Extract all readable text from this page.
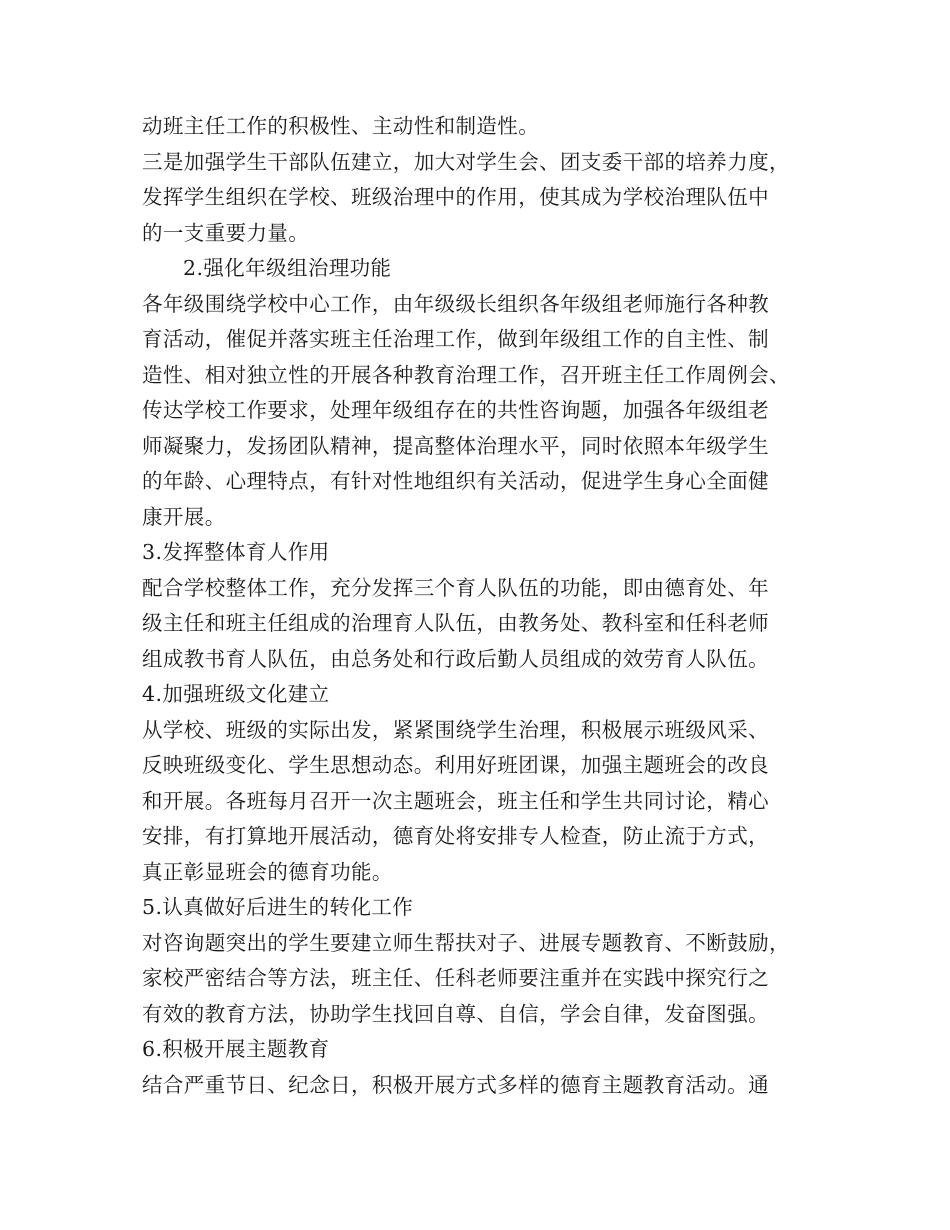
动班主任工作的积极性、主动性和制造性。
三是加强学生干部队伍建立，加大对学生会、团支委干部的培养力度，
发挥学生组织在学校、班级治理中的作用，使其成为学校治理队伍中
的一支重要力量。
2.强化年级组治理功能
各年级围绕学校中心工作，由年级级长组织各年级组老师施行各种教
育活动，催促并落实班主任治理工作，做到年级组工作的自主性、制
造性、相对独立性的开展各种教育治理工作，召开班主任工作周例会、
传达学校工作要求，处理年级组存在的共性咨询题，加强各年级组老
师凝聚力，发扬团队精神，提高整体治理水平，同时依照本年级学生
的年龄、心理特点，有针对性地组织有关活动，促进学生身心全面健
康开展。
3.发挥整体育人作用
配合学校整体工作，充分发挥三个育人队伍的功能，即由德育处、年
级主任和班主任组成的治理育人队伍，由教务处、教科室和任科老师
组成教书育人队伍，由总务处和行政后勤人员组成的效劳育人队伍。
4.加强班级文化建立
从学校、班级的实际出发，紧紧围绕学生治理，积极展示班级风采、
反映班级变化、学生思想动态。利用好班团课，加强主题班会的改良
和开展。各班每月召开一次主题班会，班主任和学生共同讨论，精心
安排，有打算地开展活动，德育处将安排专人检查，防止流于方式，
真正彰显班会的德育功能。
5.认真做好后进生的转化工作
对咨询题突出的学生要建立师生帮扶对子、进展专题教育、不断鼓励，
家校严密结合等方法，班主任、任科老师要注重并在实践中探究行之
有效的教育方法，协助学生找回自尊、自信，学会自律，发奋图强。
6.积极开展主题教育
结合严重节日、纪念日，积极开展方式多样的德育主题教育活动。通
